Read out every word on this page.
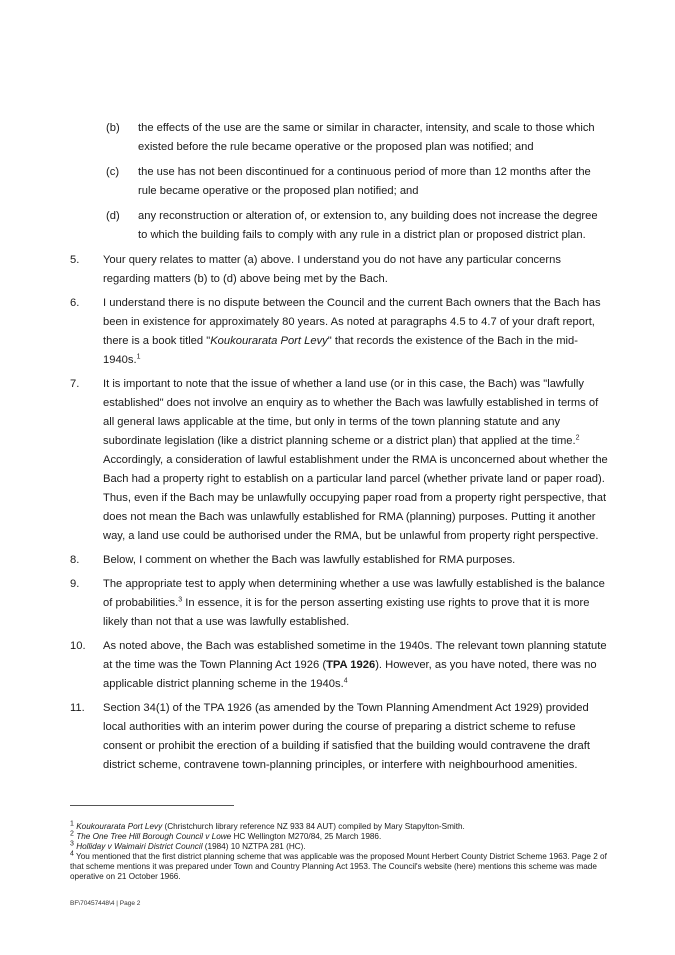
(b)	the effects of the use are the same or similar in character, intensity, and scale to those which existed before the rule became operative or the proposed plan was notified; and
(c)	the use has not been discontinued for a continuous period of more than 12 months after the rule became operative or the proposed plan notified; and
(d)	any reconstruction or alteration of, or extension to, any building does not increase the degree to which the building fails to comply with any rule in a district plan or proposed district plan.
5.	Your query relates to matter (a) above. I understand you do not have any particular concerns regarding matters (b) to (d) above being met by the Bach.
6.	I understand there is no dispute between the Council and the current Bach owners that the Bach has been in existence for approximately 80 years. As noted at paragraphs 4.5 to 4.7 of your draft report, there is a book titled "Koukourarata Port Levy" that records the existence of the Bach in the mid-1940s.$^1$
7.	It is important to note that the issue of whether a land use (or in this case, the Bach) was "lawfully established" does not involve an enquiry as to whether the Bach was lawfully established in terms of all general laws applicable at the time, but only in terms of the town planning statute and any subordinate legislation (like a district planning scheme or a district plan) that applied at the time.$^2$ Accordingly, a consideration of lawful establishment under the RMA is unconcerned about whether the Bach had a property right to establish on a particular land parcel (whether private land or paper road). Thus, even if the Bach may be unlawfully occupying paper road from a property right perspective, that does not mean the Bach was unlawfully established for RMA (planning) purposes. Putting it another way, a land use could be authorised under the RMA, but be unlawful from property right perspective.
8.	Below, I comment on whether the Bach was lawfully established for RMA purposes.
9.	The appropriate test to apply when determining whether a use was lawfully established is the balance of probabilities.$^3$ In essence, it is for the person asserting existing use rights to prove that it is more likely than not that a use was lawfully established.
10.	As noted above, the Bach was established sometime in the 1940s. The relevant town planning statute at the time was the Town Planning Act 1926 (TPA 1926). However, as you have noted, there was no applicable district planning scheme in the 1940s.$^4$
11.	Section 34(1) of the TPA 1926 (as amended by the Town Planning Amendment Act 1929) provided local authorities with an interim power during the course of preparing a district scheme to refuse consent or prohibit the erection of a building if satisfied that the building would contravene the draft district scheme, contravene town-planning principles, or interfere with neighbourhood amenities.

$^1$ Koukourarata Port Levy (Christchurch library reference NZ 933 84 AUT) compiled by Mary Stapylton-Smith.

$^2$ The One Tree Hill Borough Council v Lowe HC Wellington M270/84, 25 March 1986.

$^3$ Holliday v Waimairi District Council (1984) 10 NZTPA 281 (HC).

$^4$ You mentioned that the first district planning scheme that was applicable was the proposed Mount Herbert County District Scheme 1963. Page 2 of that scheme mentions it was prepared under Town and Country Planning Act 1953. The Council's website (here) mentions this scheme was made operative on 21 October 1966.

BF\70457448\4 | Page 2
